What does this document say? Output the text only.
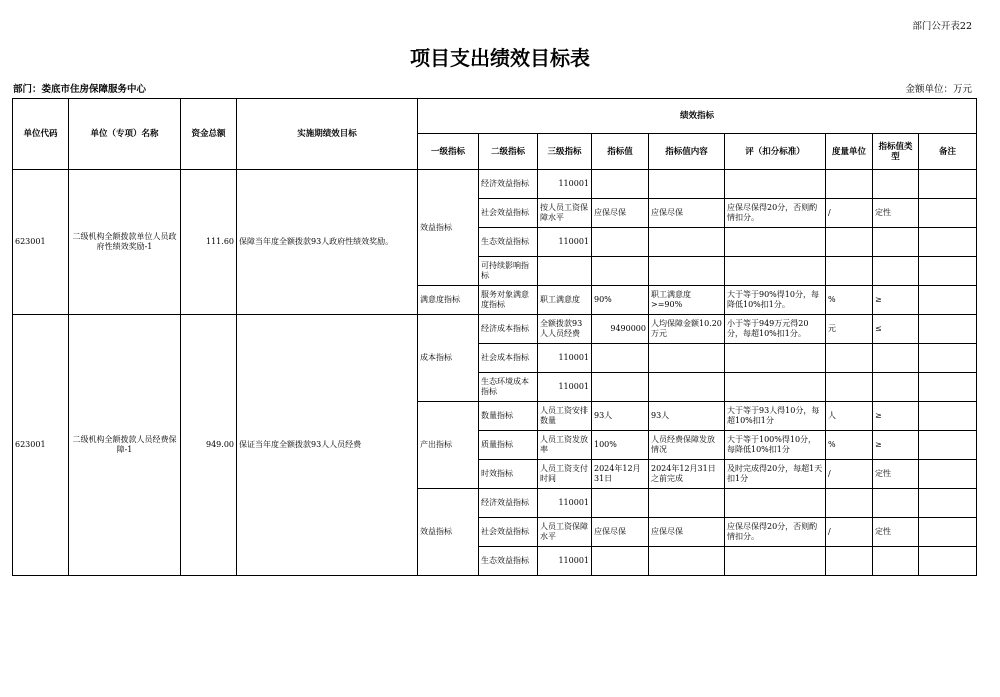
部门公开表22
项目支出绩效目标表
部门：娄底市住房保障服务中心	金额单位：万元
单位代码	单位（专项）名称	资金总额	实施期绩效目标	绩效指标								
				一级指标	二级指标	三级指标	指标值	指标值内容	评（扣分标准）	度量单位	指标值类型	备注
623001	二级机构全额拨款单位人员政府性绩效奖励-1	111.60	保障当年度全额拨款93人政府性绩效奖励。	效益指标	经济效益指标	110001						
					社会效益指标	按人员工资保障水平	应保尽保	应保尽保	应保尽保得20分，否则酌情扣分。	/	定性	
					生态效益指标	110001						
					可持续影响指标							
				满意度指标	服务对象满意度指标	职工满意度	90%	职工满意度>=90%	大于等于90%得10分，每降低10%扣1分。	%	≥	
623001	二级机构全额拨款人员经费保障-1	949.00	保证当年度全额拨款93人人员经费	成本指标	经济成本指标	全额拨款93人人员经费	9490000	人均保障金额10.20万元	小于等于949万元得20分，每超10%扣1分。	元	≤	
					社会成本指标	110001						
					生态环境成本指标	110001						
				产出指标	数量指标	人员工资安排数量	93人	93人	大于等于93人得10分，每超10%扣1分	人	≥	
					质量指标	人员工资发放率	100%	人员经费保障发放情况	大于等于100%得10分，每降低10%扣1分	%	≥	
					时效指标	人员工资支付时间	2024年12月31日	2024年12月31日之前完成	及时完成得20分，每超1天扣1分	/	定性	
				效益指标	经济效益指标	110001						
					社会效益指标	人员工资保障水平	应保尽保	应保尽保	应保尽保得20分，否则酌情扣分。	/	定性	
					生态效益指标	110001						
